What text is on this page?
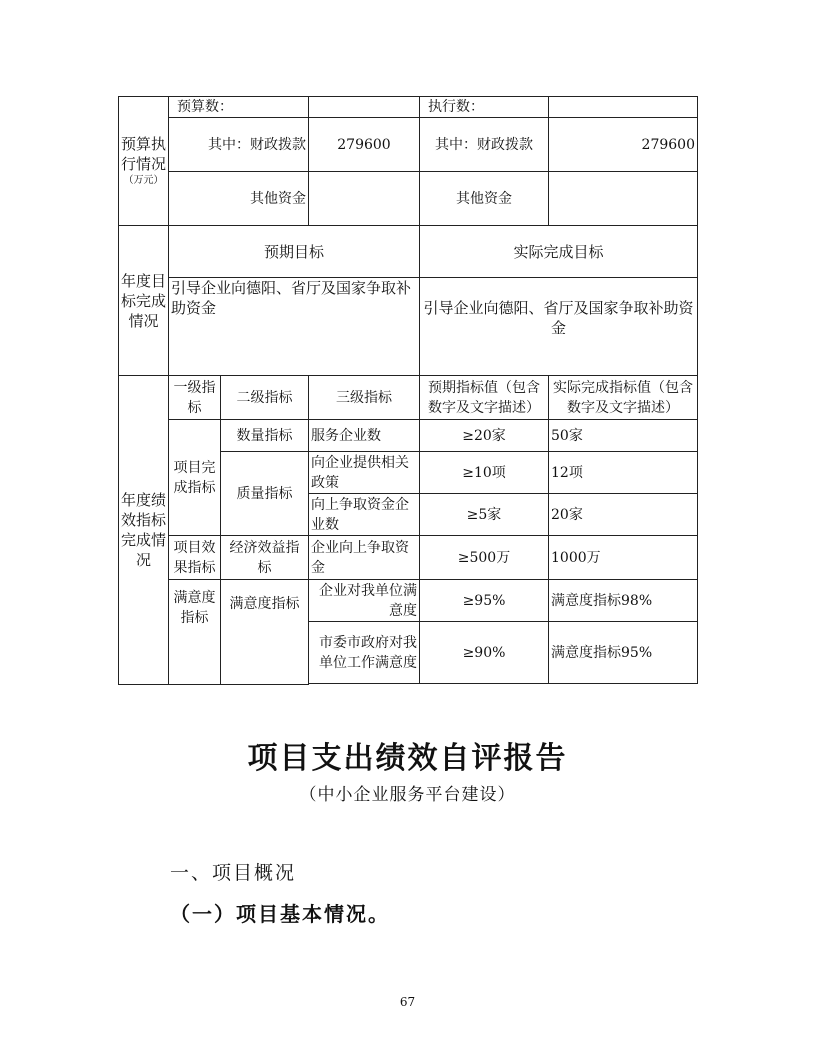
预算执行情况
（万元）	预算数：			执行数：	
	其中：财政拨款		279600	其中：财政拨款	279600
	其他资金			其他资金	
年度目标完成情况	预期目标			实际完成目标	
	引导企业向德阳、省厅及国家争取补助资金			引导企业向德阳、省厅及国家争取补助资金	
年度绩效指标完成情况	一级指标	二级指标	三级指标	预期指标值（包含数字及文字描述）	实际完成指标值（包含数字及文字描述）
	项目完成指标	数量指标	服务企业数	≥20家	50家
		质量指标	向企业提供相关政策	≥10项	12项
			向上争取资金企业数	≥5家	20家
	项目效果指标	经济效益指标	企业向上争取资金	≥500万	1000万
	满意度指标	满意度指标	企业对我单位满意度	≥95%	满意度指标98%
			市委市政府对我单位工作满意度	≥90%	满意度指标95%

项目支出绩效自评报告
（中小企业服务平台建设）
一、项目概况
（一）项目基本情况。
67
